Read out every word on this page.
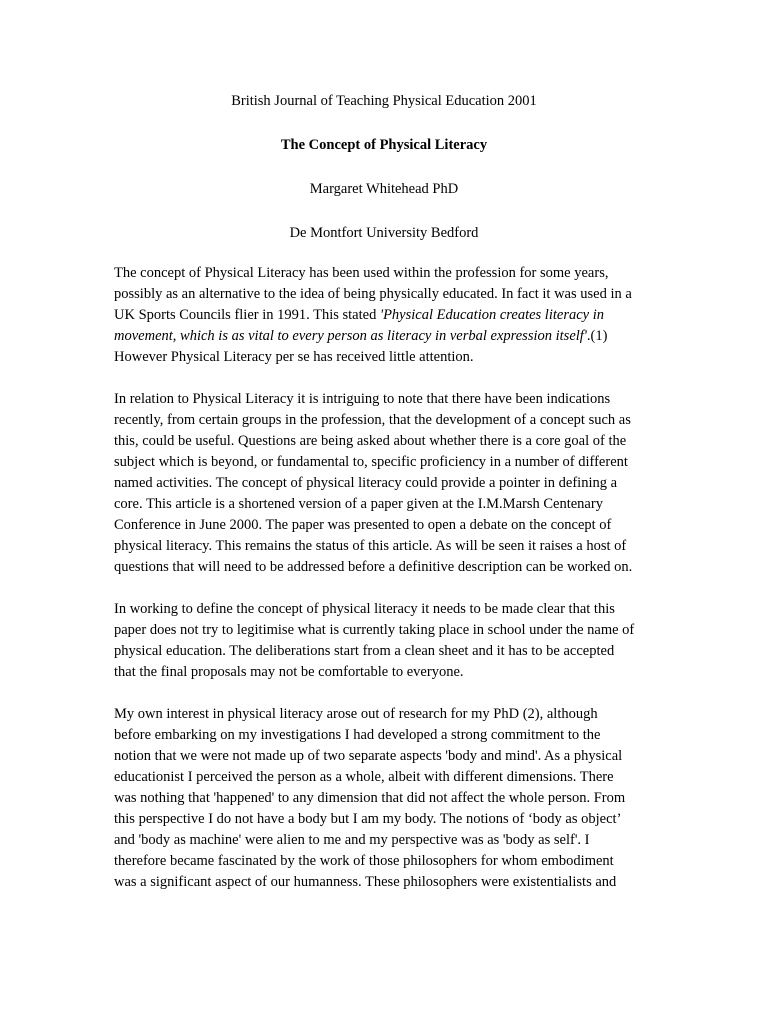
British Journal of Teaching Physical Education 2001
The Concept of Physical Literacy
Margaret Whitehead PhD
De Montfort University Bedford

The concept of Physical Literacy has been used within the profession for some years,
possibly as an alternative to the idea of being physically educated. In fact it was used in a
UK Sports Councils flier in 1991. This stated 'Physical Education creates literacy in
movement, which is as vital to every person as literacy in verbal expression itself'.(1)
However Physical Literacy per se has received little attention.

In relation to Physical Literacy it is intriguing to note that there have been indications
recently, from certain groups in the profession, that the development of a concept such as
this, could be useful. Questions are being asked about whether there is a core goal of the
subject which is beyond, or fundamental to, specific proficiency in a number of different
named activities. The concept of physical literacy could provide a pointer in defining a
core. This article is a shortened version of a paper given at the I.M.Marsh Centenary
Conference in June 2000. The paper was presented to open a debate on the concept of
physical literacy. This remains the status of this article. As will be seen it raises a host of
questions that will need to be addressed before a definitive description can be worked on.

In working to define the concept of physical literacy it needs to be made clear that this
paper does not try to legitimise what is currently taking place in school under the name of
physical education. The deliberations start from a clean sheet and it has to be accepted
that the final proposals may not be comfortable to everyone.

My own interest in physical literacy arose out of research for my PhD (2), although
before embarking on my investigations I had developed a strong commitment to the
notion that we were not made up of two separate aspects 'body and mind'. As a physical
educationist I perceived the person as a whole, albeit with different dimensions. There
was nothing that 'happened' to any dimension that did not affect the whole person. From
this perspective I do not have a body but I am my body. The notions of ‘body as object’
and 'body as machine' were alien to me and my perspective was as 'body as self'. I
therefore became fascinated by the work of those philosophers for whom embodiment
was a significant aspect of our humanness. These philosophers were existentialists and
